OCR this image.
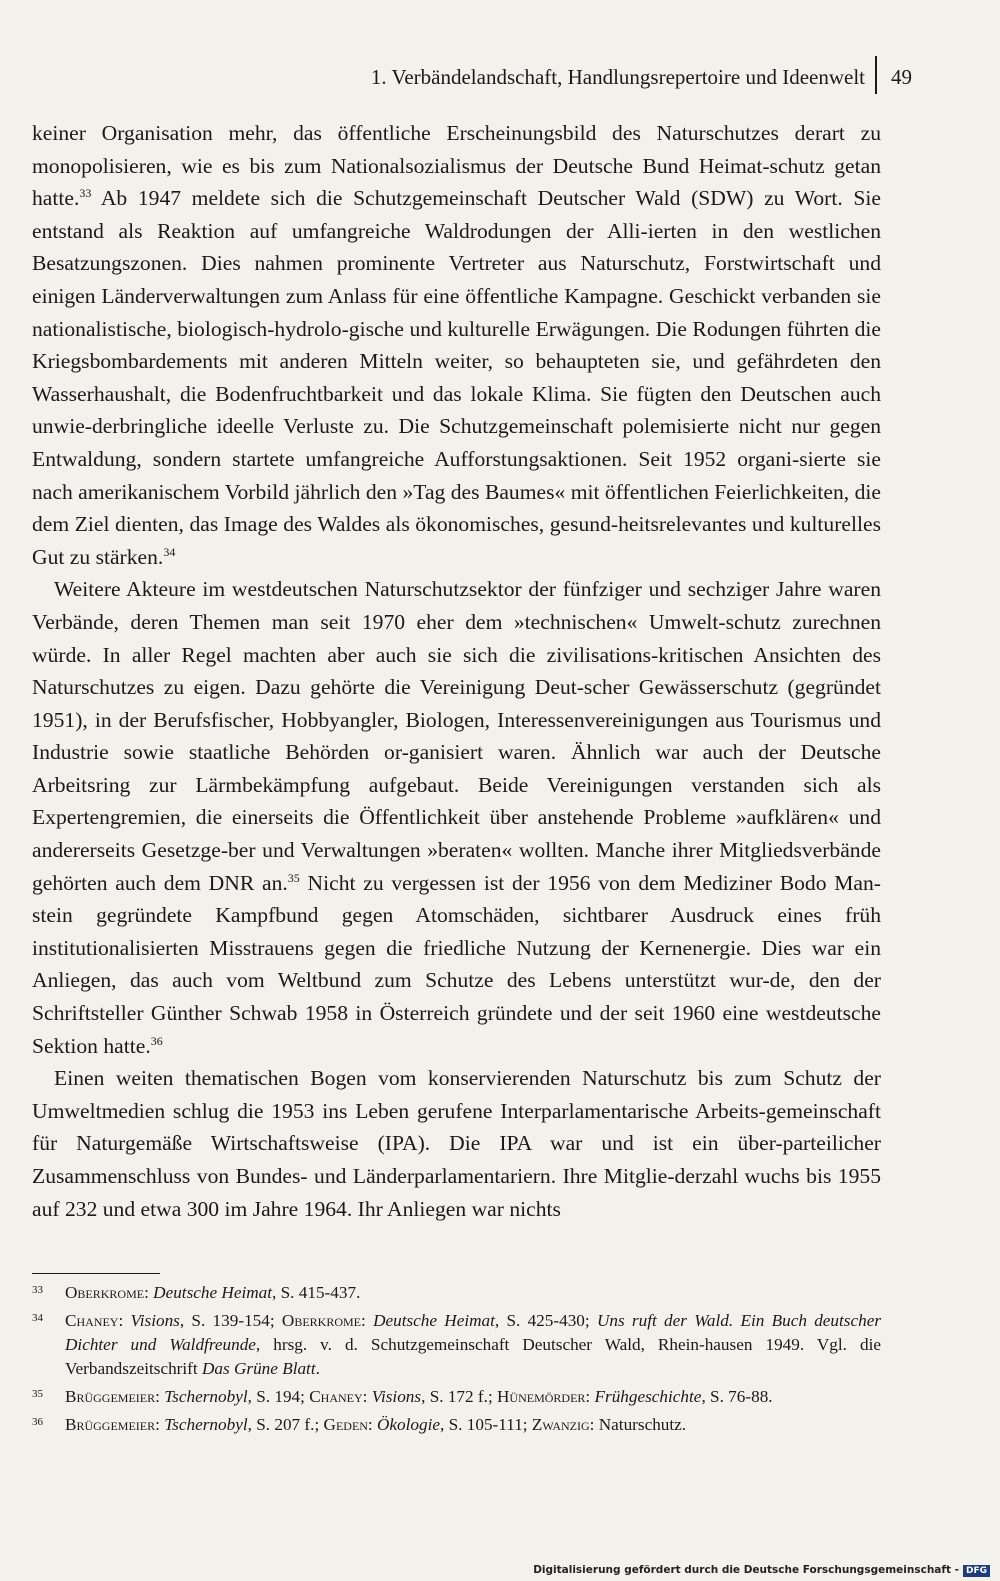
1. Verbändelandschaft, Handlungsrepertoire und Ideenwelt 49

keiner Organisation mehr, das öffentliche Erscheinungsbild des Naturschutzes derart zu monopolisieren, wie es bis zum Nationalsozialismus der Deutsche Bund Heimat-schutz getan hatte.$^{33}$ Ab 1947 meldete sich die Schutzgemeinschaft Deutscher Wald (SDW) zu Wort. Sie entstand als Reaktion auf umfangreiche Waldrodungen der Alli-ierten in den westlichen Besatzungszonen. Dies nahmen prominente Vertreter aus Naturschutz, Forstwirtschaft und einigen Länderverwaltungen zum Anlass für eine öffentliche Kampagne. Geschickt verbanden sie nationalistische, biologisch-hydrolo-gische und kulturelle Erwägungen. Die Rodungen führten die Kriegsbombardements mit anderen Mitteln weiter, so behaupteten sie, und gefährdeten den Wasserhaushalt, die Bodenfruchtbarkeit und das lokale Klima. Sie fügten den Deutschen auch unwie-derbringliche ideelle Verluste zu. Die Schutzgemeinschaft polemisierte nicht nur gegen Entwaldung, sondern startete umfangreiche Aufforstungsaktionen. Seit 1952 organi-sierte sie nach amerikanischem Vorbild jährlich den »Tag des Baumes« mit öffentlichen Feierlichkeiten, die dem Ziel dienten, das Image des Waldes als ökonomisches, gesund-heitsrelevantes und kulturelles Gut zu stärken.$^{34}$

Weitere Akteure im westdeutschen Naturschutzsektor der fünfziger und sechziger Jahre waren Verbände, deren Themen man seit 1970 eher dem »technischen« Umwelt-schutz zurechnen würde. In aller Regel machten aber auch sie sich die zivilisations-kritischen Ansichten des Naturschutzes zu eigen. Dazu gehörte die Vereinigung Deut-scher Gewässerschutz (gegründet 1951), in der Berufsfischer, Hobbyangler, Biologen, Interessenvereinigungen aus Tourismus und Industrie sowie staatliche Behörden or-ganisiert waren. Ähnlich war auch der Deutsche Arbeitsring zur Lärmbekämpfung aufgebaut. Beide Vereinigungen verstanden sich als Expertengremien, die einerseits die Öffentlichkeit über anstehende Probleme »aufklären« und andererseits Gesetzge-ber und Verwaltungen »beraten« wollten. Manche ihrer Mitgliedsverbände gehörten auch dem DNR an.$^{35}$ Nicht zu vergessen ist der 1956 von dem Mediziner Bodo Man-stein gegründete Kampfbund gegen Atomschäden, sichtbarer Ausdruck eines früh institutionalisierten Misstrauens gegen die friedliche Nutzung der Kernenergie. Dies war ein Anliegen, das auch vom Weltbund zum Schutze des Lebens unterstützt wur-de, den der Schriftsteller Günther Schwab 1958 in Österreich gründete und der seit 1960 eine westdeutsche Sektion hatte.$^{36}$

Einen weiten thematischen Bogen vom konservierenden Naturschutz bis zum Schutz der Umweltmedien schlug die 1953 ins Leben gerufene Interparlamentarische Arbeits-gemeinschaft für Naturgemäße Wirtschaftsweise (IPA). Die IPA war und ist ein über-parteilicher Zusammenschluss von Bundes- und Länderparlamentariern. Ihre Mitglie-derzahl wuchs bis 1955 auf 232 und etwa 300 im Jahre 1964. Ihr Anliegen war nichts

33 Oberkrome: Deutsche Heimat, S. 415-437.
34 Chaney: Visions, S. 139-154; Oberkrome: Deutsche Heimat, S. 425-430; Uns ruft der Wald. Ein Buch deutscher Dichter und Waldfreunde, hrsg. v. d. Schutzgemeinschaft Deutscher Wald, Rhein-hausen 1949. Vgl. die Verbandszeitschrift Das Grüne Blatt.
35 Brüggemeier: Tschernobyl, S. 194; Chaney: Visions, S. 172 f.; Hünemörder: Frühgeschichte, S. 76-88.
36 Brüggemeier: Tschernobyl, S. 207 f.; Geden: Ökologie, S. 105-111; Zwanzig: Naturschutz.
Digitalisierung gefördert durch die Deutsche Forschungsgemeinschaft - DFG
